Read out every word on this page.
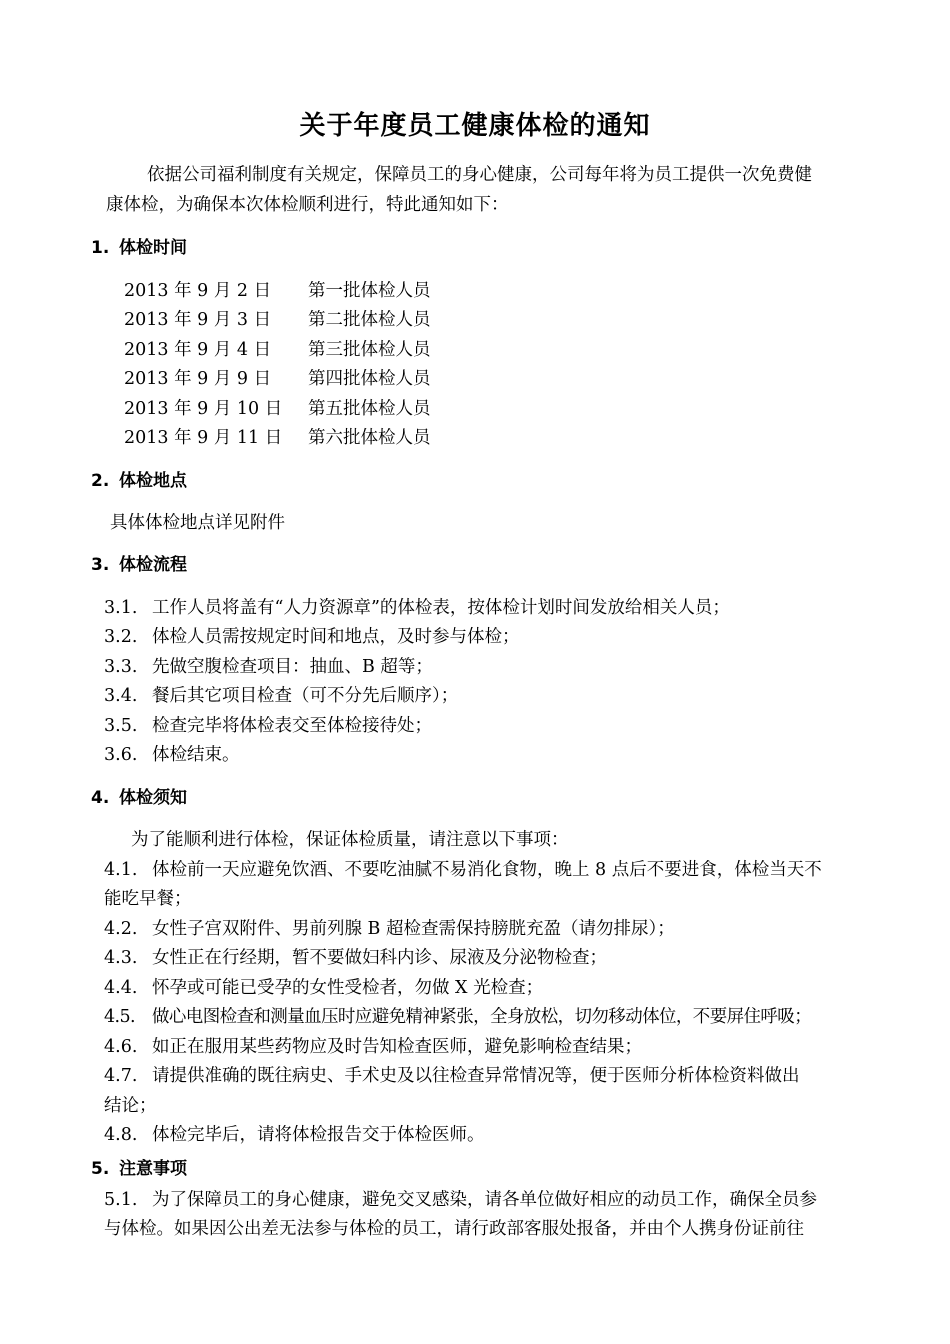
关于年度员工健康体检的通知
依据公司福利制度有关规定，保障员工的身心健康，公司每年将为员工提供一次免费健
康体检，为确保本次体检顺利进行，特此通知如下：
1. 体检时间
2013 年 9 月 2 日 第一批体检人员
2013 年 9 月 3 日 第二批体检人员
2013 年 9 月 4 日 第三批体检人员
2013 年 9 月 9 日 第四批体检人员
2013 年 9 月 10 日 第五批体检人员
2013 年 9 月 11 日 第六批体检人员
2. 体检地点
具体体检地点详见附件
3. 体检流程
3.1. 工作人员将盖有“人力资源章”的体检表，按体检计划时间发放给相关人员；
3.2. 体检人员需按规定时间和地点，及时参与体检；
3.3. 先做空腹检查项目：抽血、B 超等；
3.4. 餐后其它项目检查（可不分先后顺序）；
3.5. 检查完毕将体检表交至体检接待处；
3.6. 体检结束。
4. 体检须知
为了能顺利进行体检，保证体检质量，请注意以下事项：
4.1. 体检前一天应避免饮酒、不要吃油腻不易消化食物，晚上 8 点后不要进食，体检当天不
能吃早餐；
4.2. 女性子宫双附件、男前列腺 B 超检查需保持膀胱充盈（请勿排尿）；
4.3. 女性正在行经期，暂不要做妇科内诊、尿液及分泌物检查；
4.4. 怀孕或可能已受孕的女性受检者，勿做 X 光检查；
4.5. 做心电图检查和测量血压时应避免精神紧张，全身放松，切勿移动体位，不要屏住呼吸；
4.6. 如正在服用某些药物应及时告知检查医师，避免影响检查结果；
4.7. 请提供准确的既往病史、手术史及以往检查异常情况等，便于医师分析体检资料做出
结论；
4.8. 体检完毕后，请将体检报告交于体检医师。
5. 注意事项
5.1. 为了保障员工的身心健康，避免交叉感染，请各单位做好相应的动员工作，确保全员参
与体检。如果因公出差无法参与体检的员工，请行政部客服处报备，并由个人携身份证前往
